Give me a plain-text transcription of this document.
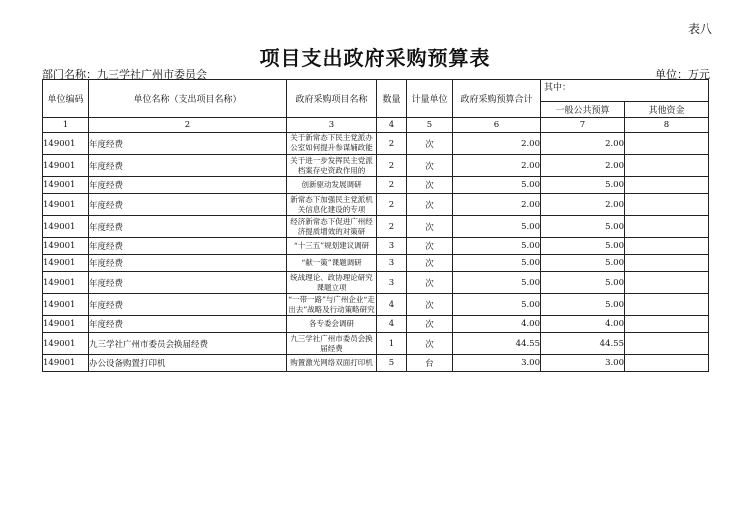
表八
项目支出政府采购预算表
部门名称：九三学社广州市委员会	单位：万元
单位编码	单位名称（支出项目名称）	政府采购项目名称	数量	计量单位	政府采购预算合计	其中：	
						一般公共预算	其他资金
1	2	3	4	5	6	7	8
149001	年度经费	关于新常态下民主党派办公室如何提升参谋辅政能	2	次	2.00	2.00	
149001	年度经费	关于进一步发挥民主党派档案存史资政作用的	2	次	2.00	2.00	
149001	年度经费	创新驱动发展调研	2	次	5.00	5.00	
149001	年度经费	新常态下加强民主党派机关信息化建设的专项	2	次	2.00	2.00	
149001	年度经费	经济新常态下促进广州经济提质增效的对策研	2	次	5.00	5.00	
149001	年度经费	“十三五”规划建议调研	3	次	5.00	5.00	
149001	年度经费	“献一策”课题调研	3	次	5.00	5.00	
149001	年度经费	统战理论、政协理论研究课题立项	3	次	5.00	5.00	
149001	年度经费	“一带一路”与广州企业“走出去”战略及行动策略研究	4	次	5.00	5.00	
149001	年度经费	各专委会调研	4	次	4.00	4.00	
149001	九三学社广州市委员会换届经费	九三学社广州市委员会换届经费	1	次	44.55	44.55	
149001	办公设备购置打印机	购置激光网络双面打印机	5	台	3.00	3.00	
